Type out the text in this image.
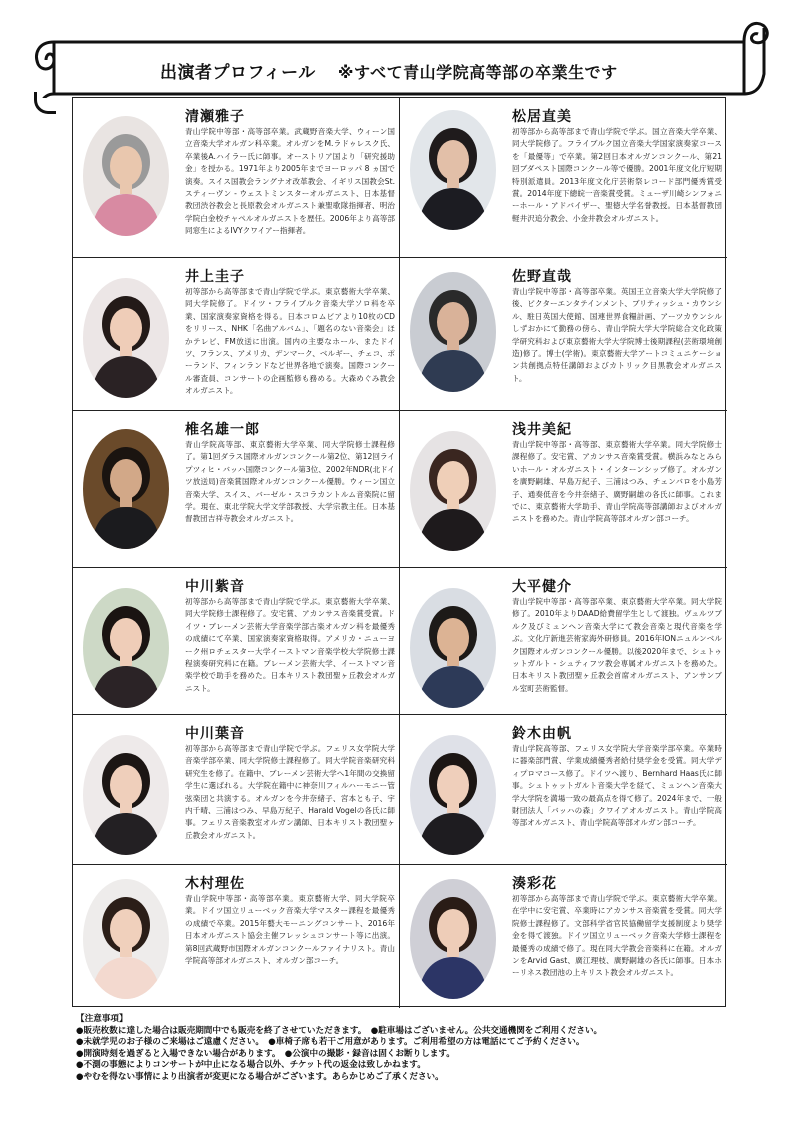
出演者プロフィール ※すべて青山学院高等部の卒業生です
清瀬雅子
青山学院中等部・高等部卒業。武蔵野音楽大学、ウィーン国立音楽大学オルガン科卒業。オルガンをM.ラドゥレスク氏、卒業後A.ハイラー氏に師事。オーストリア国より「研究援助金」を授かる。1971年より2005年までヨーロッパ 8 ヵ国で演奏。スイス国教会ラングナオ改革教会、イギリス国教会St.スティーヴン - ウェストミンスターオルガニスト、日本基督教団渋谷教会と長原教会オルガニスト兼聖歌隊指揮者、明治学院白金校チャペルオルガニストを歴任。2006年より高等部同窓生によるIVYクワイアー指揮者。
松居直美
初等部から高等部まで青山学院で学ぶ。国立音楽大学卒業、同大学院修了。フライブルク国立音楽大学国家演奏家コースを「最優等」で卒業。第2回日本オルガンコンクール、第21回ブダペスト国際コンクール等で優勝。2001年度文化庁短期特別派遣員。2013年度文化庁芸術祭レコード部門優秀賞受賞。2014年度下總皖一音楽賞受賞。ミューザ川崎シンフォニーホール・アドバイザー、聖徳大学名誉教授。日本基督教団軽井沢追分教会、小金井教会オルガニスト。
井上圭子
初等部から高等部まで青山学院で学ぶ。東京藝術大学卒業、同大学院修了。ドイツ・フライブルク音楽大学ソロ科を卒業、国家演奏家資格を得る。日本コロムビアより10枚のCDをリリース、NHK「名曲アルバム」、「題名のない音楽会」ほかテレビ、FM放送に出演。国内の主要なホール、またドイツ、フランス、アメリカ、デンマーク、ベルギー、チェコ、ポーランド、フィンランドなど世界各地で演奏。国際コンクール審査員、コンサートの企画監修も務める。大森めぐみ教会オルガニスト。
佐野直哉
青山学院中等部・高等部卒業。英国王立音楽大学大学院修了後、ビクターエンタテインメント、ブリティッシュ・カウンシル、駐日英国大使館、国連世界食糧計画、アーツカウンシルしずおかにて勤務の傍ら、青山学院大学大学院総合文化政策学研究科および東京藝術大学大学院博士後期課程(芸術環境創造)修了。博士(学術)。東京藝術大学アートコミュニケーション共創拠点特任講師およびカトリック目黒教会オルガニスト。
椎名雄一郎
青山学院高等部、東京藝術大学卒業、同大学院修士課程修了。第1回ダラス国際オルガンコンクール第2位、第12回ライプツィヒ・バッハ国際コンクール第3位、2002年NDR(北ドイツ放送局)音楽賞国際オルガンコンクール優勝。ウィーン国立音楽大学、スイス、バーゼル・スコラカントルム音楽院に留学。現在、東北学院大学文学部教授、大学宗教主任。日本基督教団吉祥寺教会オルガニスト。
浅井美紀
青山学院中等部・高等部、東京藝術大学卒業。同大学院修士課程修了。安宅賞、アカンサス音楽賞受賞。横浜みなとみらいホール・オルガニスト・インターンシップ修了。オルガンを廣野嗣雄、早島万紀子、三浦はつみ、チェンバロを小島芳子、通奏低音を今井奈緒子、廣野嗣雄の各氏に師事。これまでに、東京藝術大学助手、青山学院高等部講師およびオルガニストを務めた。青山学院高等部オルガン部コーチ。
中川紫音
初等部から高等部まで青山学院で学ぶ。東京藝術大学卒業、同大学院修士課程修了。安宅賞、アカンサス音楽賞受賞。ドイツ・ブレーメン芸術大学音楽学部古楽オルガン科を最優秀の成績にて卒業、国家演奏家資格取得。アメリカ・ニューヨーク州ロチェスター大学イーストマン音楽学校大学院修士課程演奏研究科に在籍。ブレーメン芸術大学、イーストマン音楽学校で助手を務めた。日本キリスト教団聖ヶ丘教会オルガニスト。
大平健介
青山学院中等部・高等部卒業、東京藝術大学卒業。同大学院修了。2010年よりDAAD給費留学生として渡独。ヴュルツブルク及びミュンヘン音楽大学にて教会音楽と現代音楽を学ぶ。文化庁新進芸術家海外研修員。2016年IONニュルンベルク国際オルガンコンクール優勝。以後2020年まで、シュトゥットガルト - シュティフツ教会専属オルガニストを務めた。日本キリスト教団聖ヶ丘教会首席オルガニスト、アンサンブル室町芸術監督。
中川葉音
初等部から高等部まで青山学院で学ぶ。フェリス女学院大学音楽学部卒業、同大学院修士課程修了。同大学院音楽研究科研究生を修了。在籍中、ブレーメン芸術大学へ1年間の交換留学生に選ばれる。大学院在籍中に神奈川フィルハーモニー管弦楽団と共演する。オルガンを今井奈緒子、宮本とも子、宇内千晴、三浦はつみ、早島万紀子、Harald Vogelの各氏に師事。フェリス音楽教室オルガン講師、日本キリスト教団聖ヶ丘教会オルガニスト。
鈴木由帆
青山学院高等部、フェリス女学院大学音楽学部卒業。卒業時に器楽部門賞、学業成績優秀者給付奨学金を受賞。同大学ディプロマコース修了。ドイツへ渡り、Bernhard Haas氏に師事。シュトゥットガルト音楽大学を経て、ミュンヘン音楽大学大学院を満場一致の最高点を得て修了。2024年まで、一般財団法人「バッハの森」クワイアオルガニスト。青山学院高等部オルガニスト、青山学院高等部オルガン部コーチ。
木村理佐
青山学院中等部・高等部卒業。東京藝術大学、同大学院卒業。ドイツ国立リューベック音楽大学マスター課程を最優秀の成績で卒業。2015年藝大モーニングコンサート、2016年日本オルガニスト協会主催フレッシュコンサート等に出演。第8回武蔵野市国際オルガンコンクールファイナリスト。青山学院高等部オルガニスト、オルガン部コーチ。
湊彩花
初等部から高等部まで青山学院で学ぶ。東京藝術大学卒業。在学中に安宅賞、卒業時にアカンサス音楽賞を受賞。同大学院修士課程修了。文部科学省官民協働留学支援制度より奨学金を得て渡独。ドイツ国立リューベック音楽大学修士課程を最優秀の成績で修了。現在同大学教会音楽科に在籍。オルガンをArvid Gast、廣江理枝、廣野嗣雄の各氏に師事。日本ホーリネス教団池の上キリスト教会オルガニスト。
【注意事項】
●販売枚数に達した場合は販売期間中でも販売を終了させていただきます。　●駐車場はございません。公共交通機関をご利用ください。
●未就学児のお子様のご来場はご遠慮ください。　●車椅子席も若干ご用意があります。ご利用希望の方は電話にてご予約ください。
●開演時刻を過ぎると入場できない場合があります。　●公演中の撮影・録音は固くお断りします。
●不測の事態によりコンサートが中止になる場合以外、チケット代の返金は致しかねます。
●やむを得ない事情により出演者が変更になる場合がございます。あらかじめご了承ください。
